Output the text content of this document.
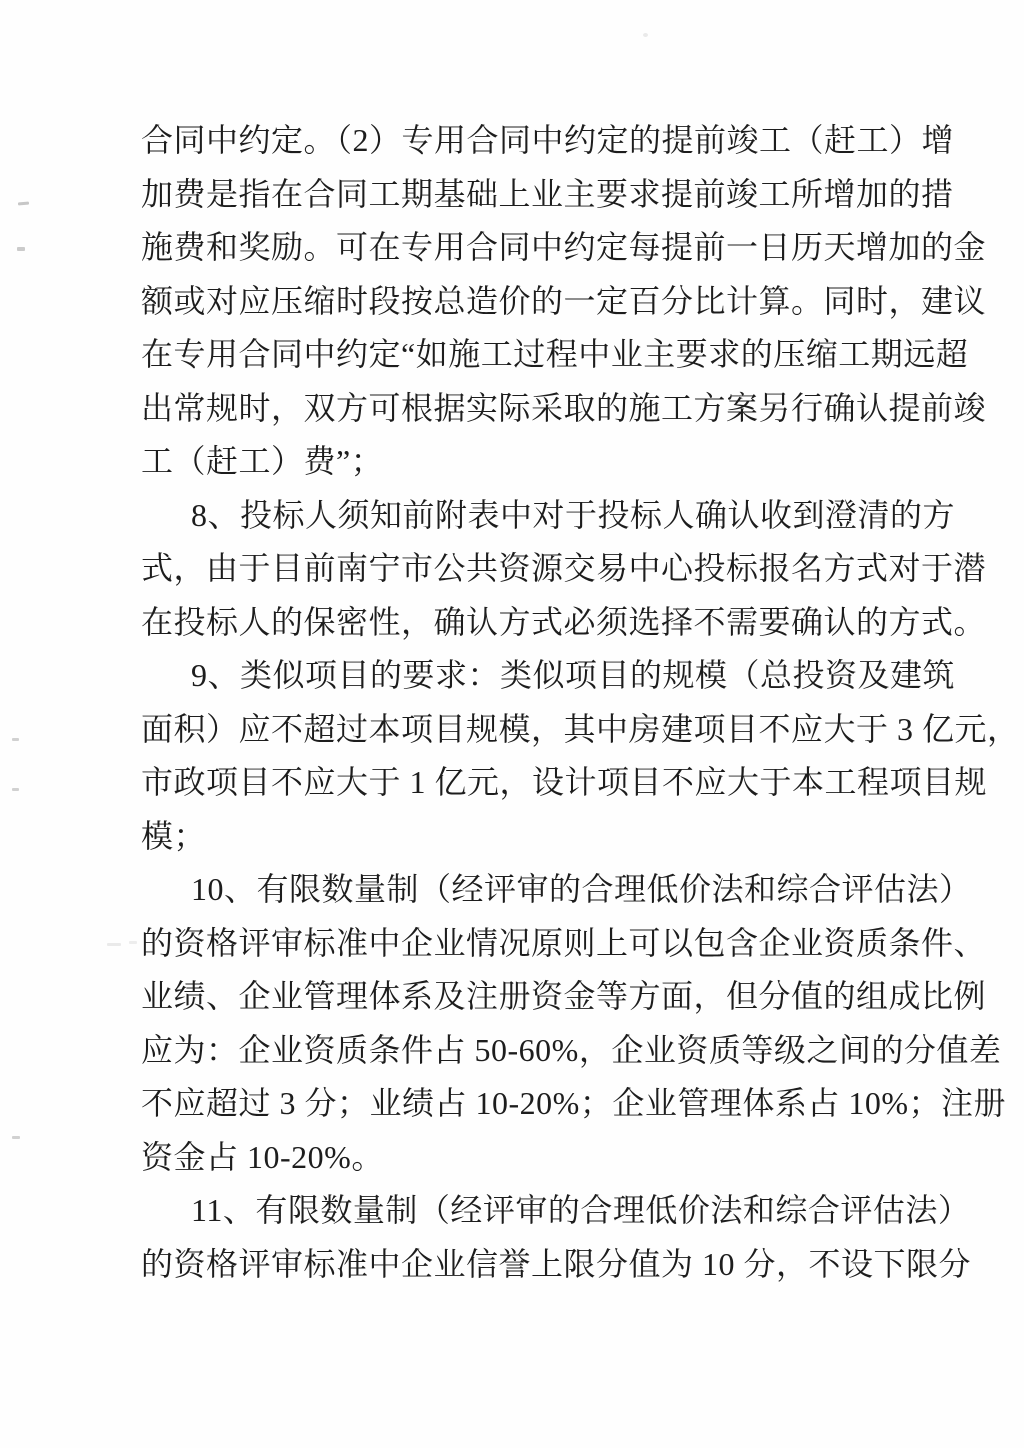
合同中约定。（2）专用合同中约定的提前竣工（赶工）增
加费是指在合同工期基础上业主要求提前竣工所增加的措
施费和奖励。可在专用合同中约定每提前一日历天增加的金
额或对应压缩时段按总造价的一定百分比计算。同时，建议
在专用合同中约定“如施工过程中业主要求的压缩工期远超
出常规时，双方可根据实际采取的施工方案另行确认提前竣
工（赶工）费”；
8、投标人须知前附表中对于投标人确认收到澄清的方
式，由于目前南宁市公共资源交易中心投标报名方式对于潜
在投标人的保密性，确认方式必须选择不需要确认的方式。
9、类似项目的要求：类似项目的规模（总投资及建筑
面积）应不超过本项目规模，其中房建项目不应大于 3 亿元，
市政项目不应大于 1 亿元，设计项目不应大于本工程项目规
模；
10、有限数量制（经评审的合理低价法和综合评估法）
的资格评审标准中企业情况原则上可以包含企业资质条件、
业绩、企业管理体系及注册资金等方面，但分值的组成比例
应为：企业资质条件占 50-60%，企业资质等级之间的分值差
不应超过 3 分；业绩占 10-20%；企业管理体系占 10%；注册
资金占 10-20%。
11、有限数量制（经评审的合理低价法和综合评估法）
的资格评审标准中企业信誉上限分值为 10 分，不设下限分
